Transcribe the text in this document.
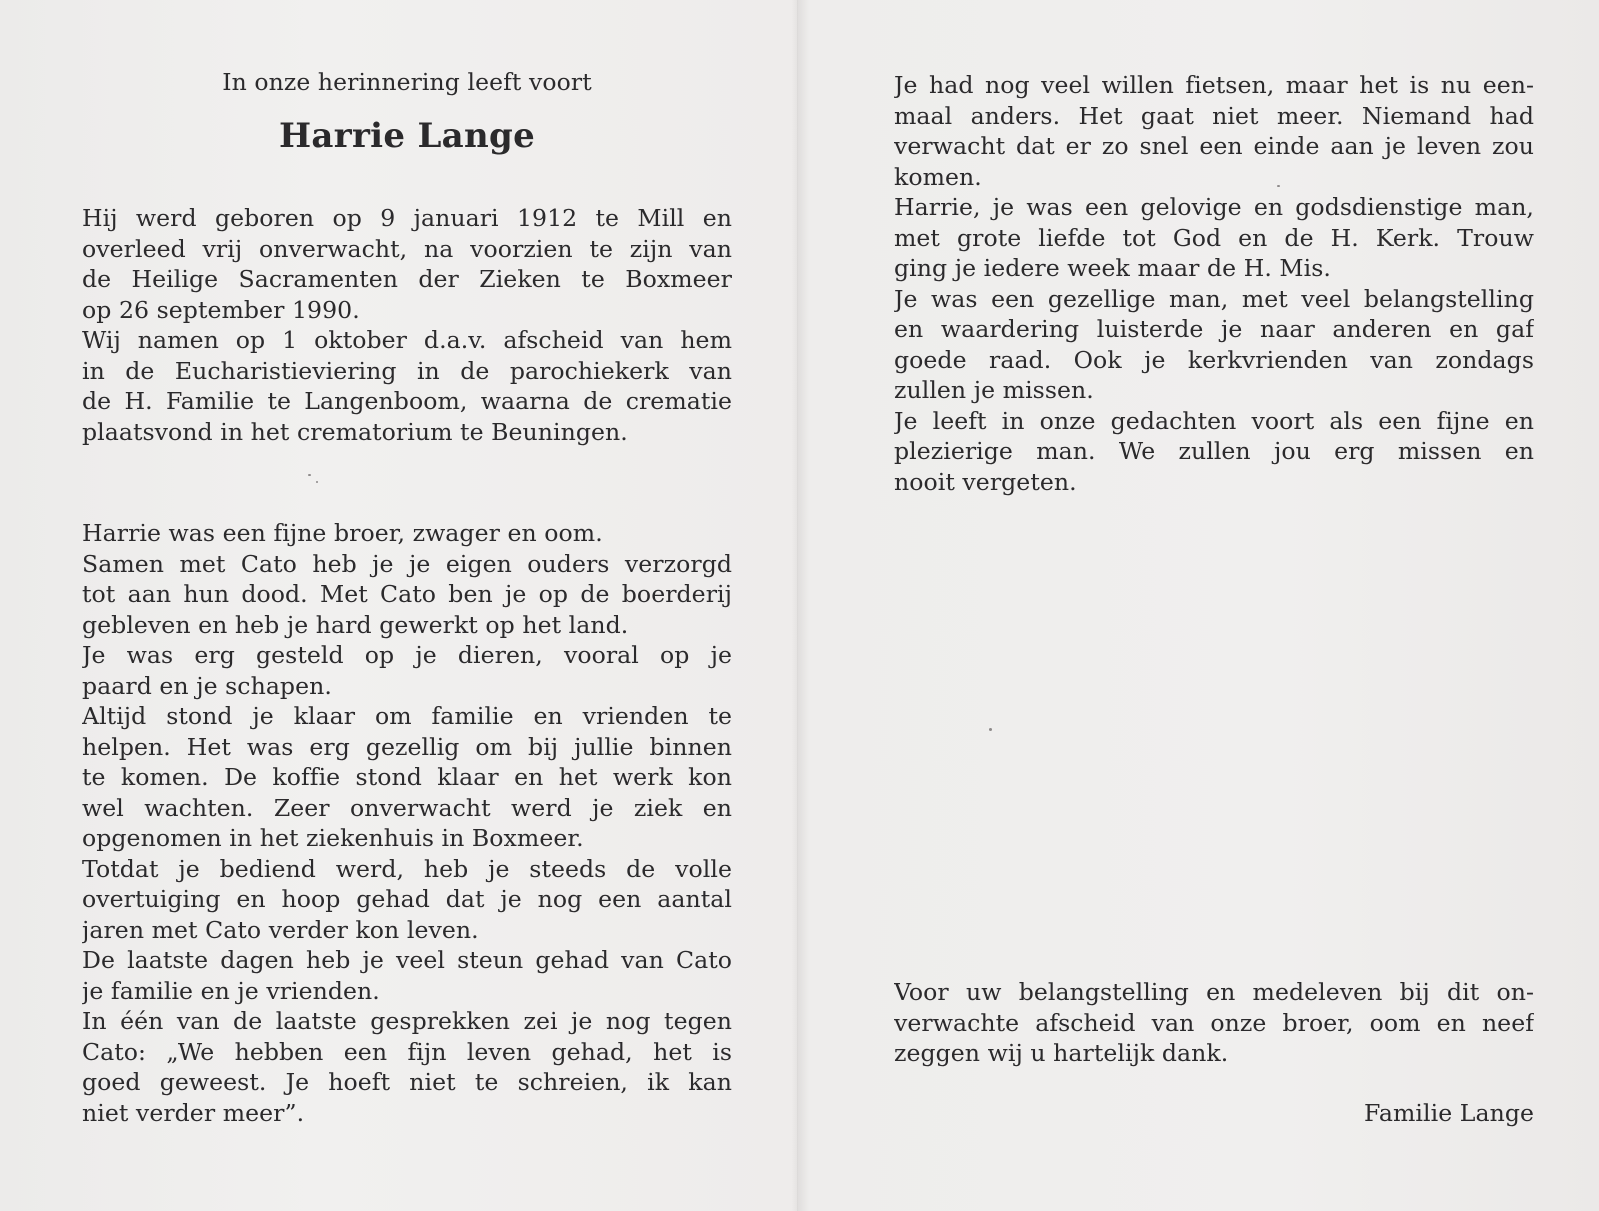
In onze herinnering leeft voort
Harrie Lange
Hij werd geboren op 9 januari 1912 te Mill en
overleed vrij onverwacht, na voorzien te zijn van
de Heilige Sacramenten der Zieken te Boxmeer
op 26 september 1990.
Wij namen op 1 oktober d.a.v. afscheid van hem
in de Eucharistieviering in de parochiekerk van
de H. Familie te Langenboom, waarna de crematie
plaatsvond in het crematorium te Beuningen.
Harrie was een fijne broer, zwager en oom.
Samen met Cato heb je je eigen ouders verzorgd
tot aan hun dood. Met Cato ben je op de boerderij
gebleven en heb je hard gewerkt op het land.
Je was erg gesteld op je dieren, vooral op je
paard en je schapen.
Altijd stond je klaar om familie en vrienden te
helpen. Het was erg gezellig om bij jullie binnen
te komen. De koffie stond klaar en het werk kon
wel wachten. Zeer onverwacht werd je ziek en
opgenomen in het ziekenhuis in Boxmeer.
Totdat je bediend werd, heb je steeds de volle
overtuiging en hoop gehad dat je nog een aantal
jaren met Cato verder kon leven.
De laatste dagen heb je veel steun gehad van Cato
je familie en je vrienden.
In één van de laatste gesprekken zei je nog tegen
Cato: „We hebben een fijn leven gehad, het is
goed geweest. Je hoeft niet te schreien, ik kan
niet verder meer”.
Je had nog veel willen fietsen, maar het is nu een-
maal anders. Het gaat niet meer. Niemand had
verwacht dat er zo snel een einde aan je leven zou
komen.
Harrie, je was een gelovige en godsdienstige man,
met grote liefde tot God en de H. Kerk. Trouw
ging je iedere week maar de H. Mis.
Je was een gezellige man, met veel belangstelling
en waardering luisterde je naar anderen en gaf
goede raad. Ook je kerkvrienden van zondags
zullen je missen.
Je leeft in onze gedachten voort als een fijne en
plezierige man. We zullen jou erg missen en
nooit vergeten.
Voor uw belangstelling en medeleven bij dit on-
verwachte afscheid van onze broer, oom en neef
zeggen wij u hartelijk dank.
Familie Lange
